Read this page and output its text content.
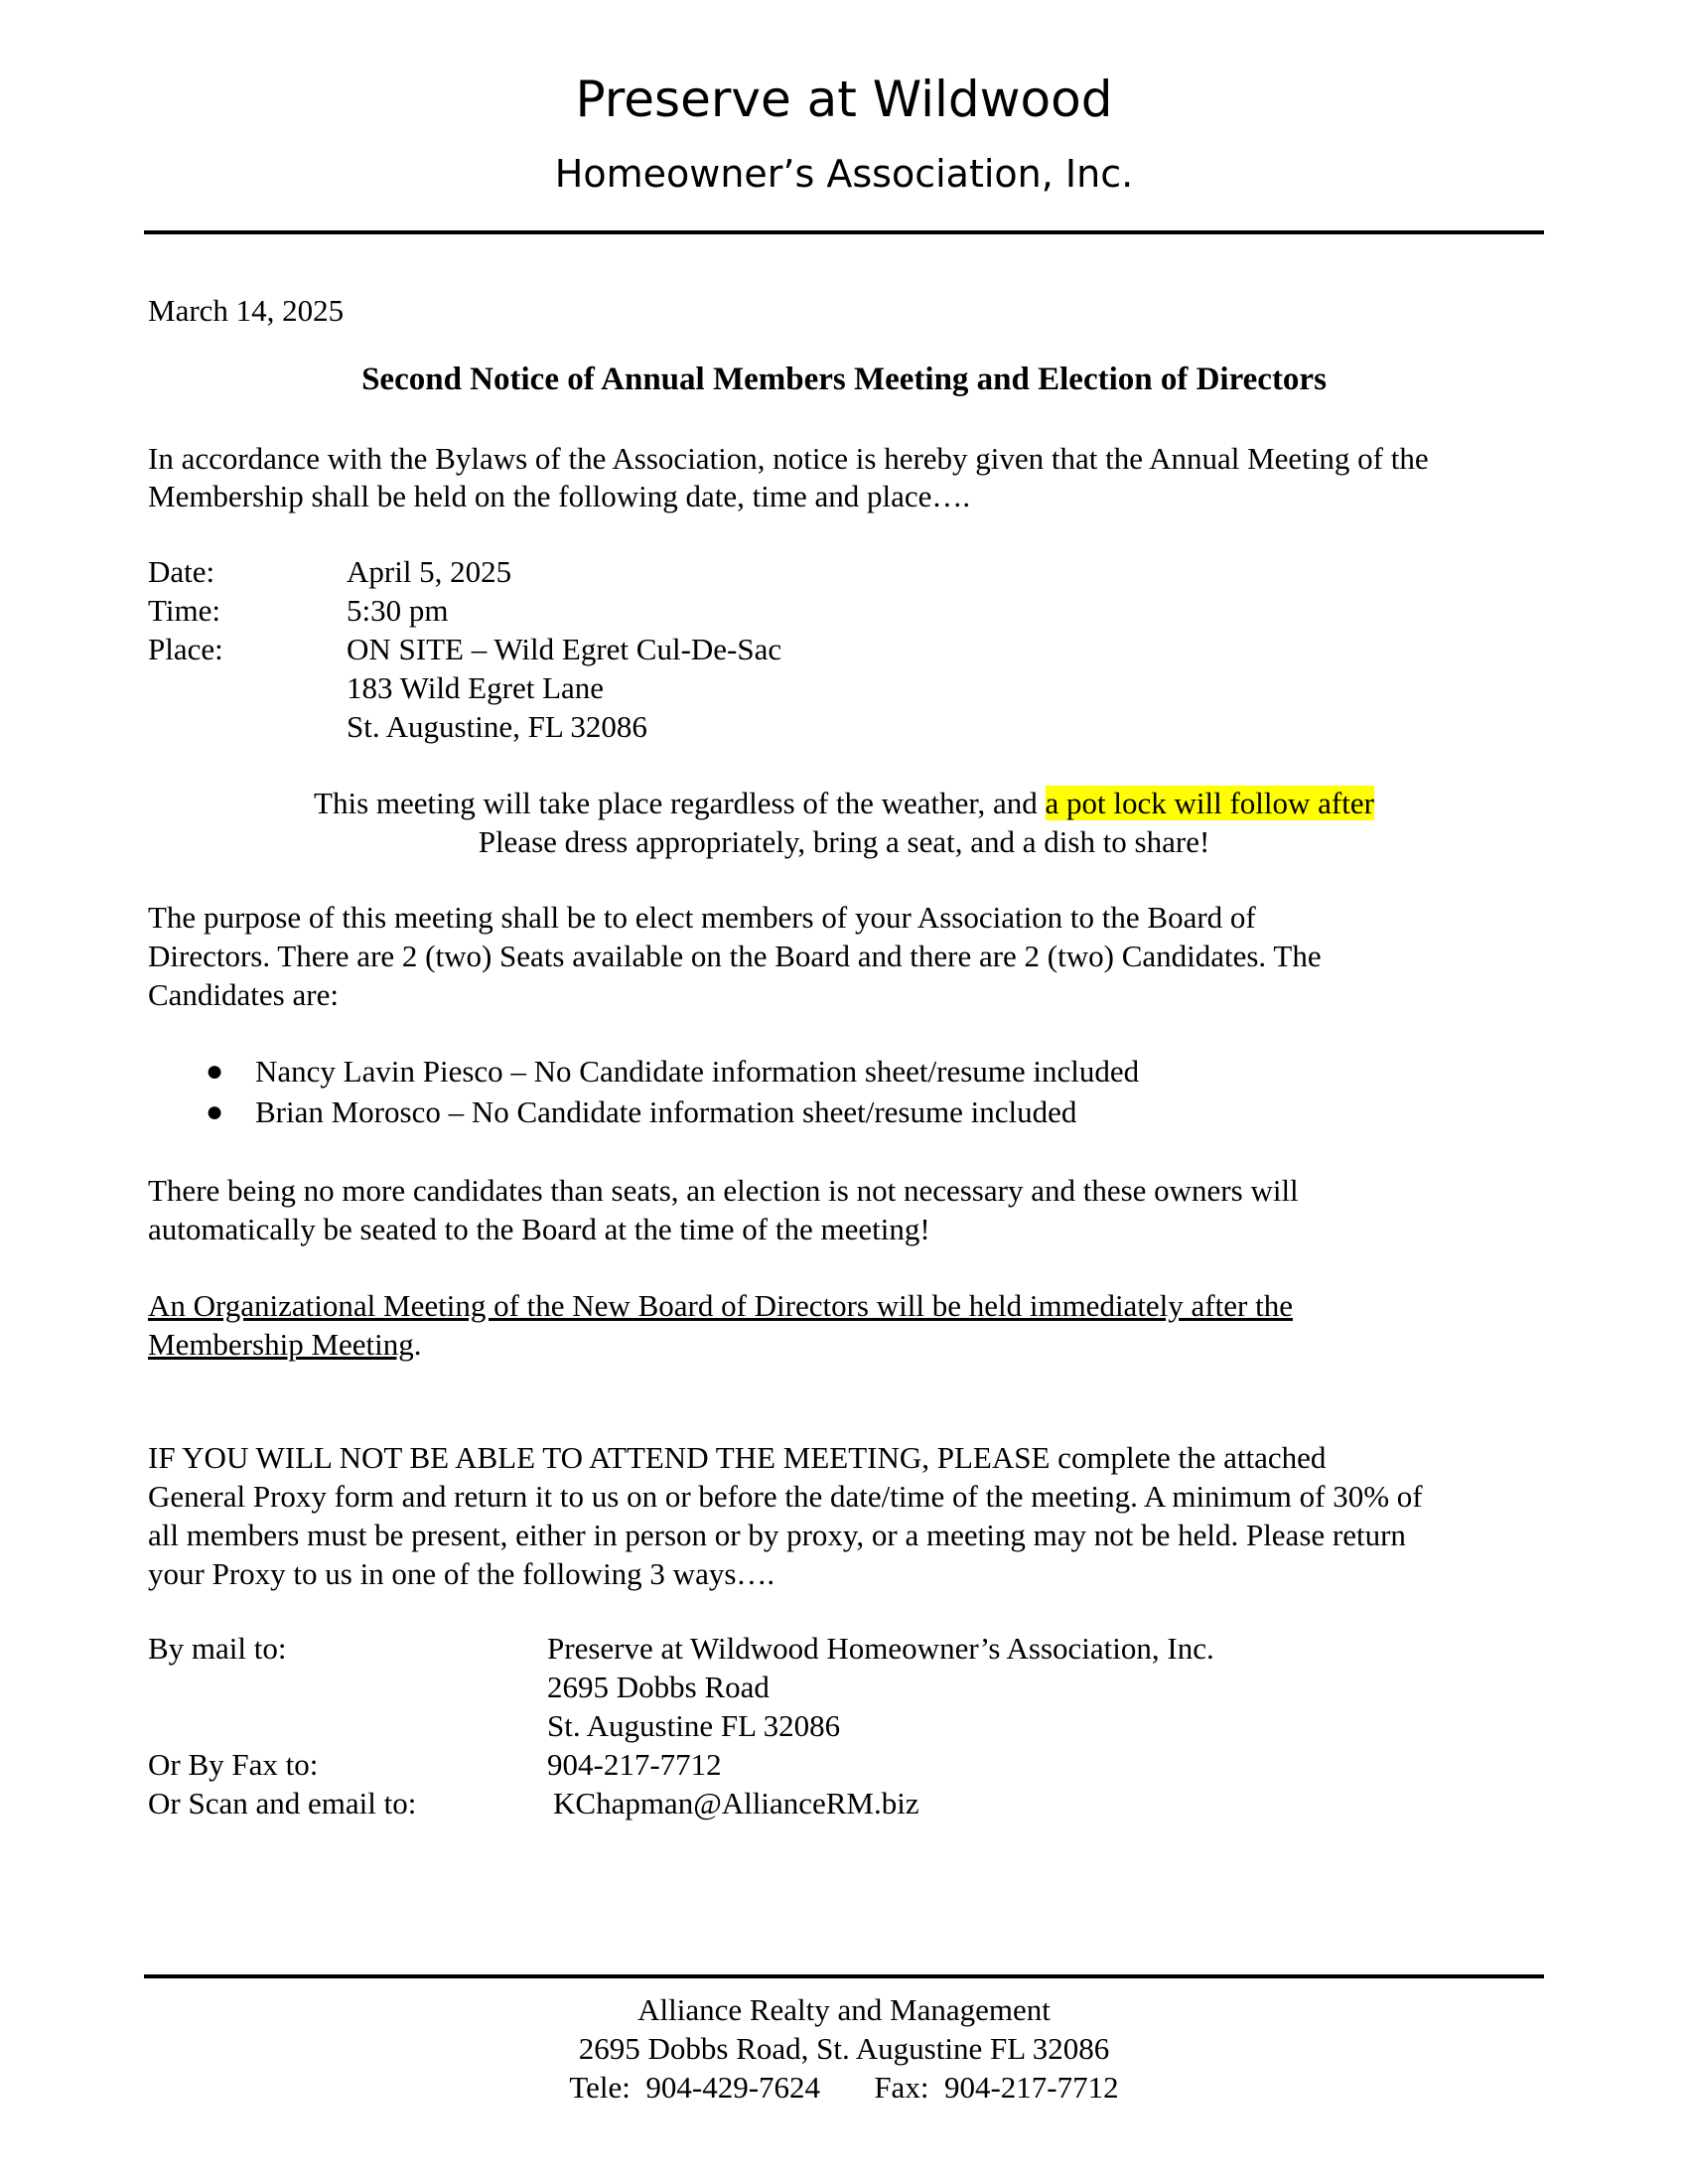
Preserve at Wildwood
Homeowner’s Association, Inc.
March 14, 2025
Second Notice of Annual Members Meeting and Election of Directors
In accordance with the Bylaws of the Association, notice is hereby given that the Annual Meeting of the
Membership shall be held on the following date, time and place….
Date:	April 5, 2025
Time:	5:30 pm
Place:	ON SITE – Wild Egret Cul-De-Sac
183 Wild Egret Lane
St. Augustine, FL 32086
This meeting will take place regardless of the weather, and a pot lock will follow after
Please dress appropriately, bring a seat, and a dish to share!
The purpose of this meeting shall be to elect members of your Association to the Board of
Directors. There are 2 (two) Seats available on the Board and there are 2 (two) Candidates. The
Candidates are:
● Nancy Lavin Piesco – No Candidate information sheet/resume included
● Brian Morosco – No Candidate information sheet/resume included
There being no more candidates than seats, an election is not necessary and these owners will
automatically be seated to the Board at the time of the meeting!
An Organizational Meeting of the New Board of Directors will be held immediately after the
Membership Meeting.
IF YOU WILL NOT BE ABLE TO ATTEND THE MEETING, PLEASE complete the attached
General Proxy form and return it to us on or before the date/time of the meeting. A minimum of 30% of
all members must be present, either in person or by proxy, or a meeting may not be held. Please return
your Proxy to us in one of the following 3 ways….
By mail to:	Preserve at Wildwood Homeowner’s Association, Inc.
2695 Dobbs Road
St. Augustine FL 32086
Or By Fax to:	904-217-7712
Or Scan and email to:	KChapman@AllianceRM.biz
Alliance Realty and Management
2695 Dobbs Road, St. Augustine FL 32086
Tele: 904-429-7624 Fax: 904-217-7712
